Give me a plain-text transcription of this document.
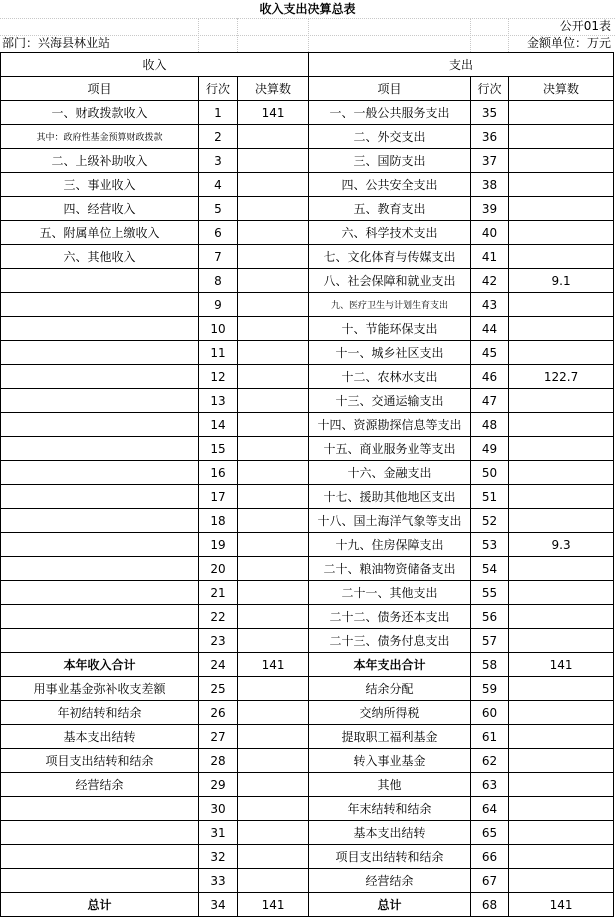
收入支出决算总表
公开01表
部门：兴海县林业站	金额单位：万元
收入			支出		
项目	行次	决算数	项目	行次	决算数
一、财政拨款收入	1	141	一、一般公共服务支出	35	
其中：政府性基金预算财政拨款	2		二、外交支出	36	
二、上级补助收入	3		三、国防支出	37	
三、事业收入	4		四、公共安全支出	38	
四、经营收入	5		五、教育支出	39	
五、附属单位上缴收入	6		六、科学技术支出	40	
六、其他收入	7		七、文化体育与传媒支出	41	
	8		八、社会保障和就业支出	42	9.1
	9		九、医疗卫生与计划生育支出	43	
	10		十、节能环保支出	44	
	11		十一、城乡社区支出	45	
	12		十二、农林水支出	46	122.7
	13		十三、交通运输支出	47	
	14		十四、资源勘探信息等支出	48	
	15		十五、商业服务业等支出	49	
	16		十六、金融支出	50	
	17		十七、援助其他地区支出	51	
	18		十八、国土海洋气象等支出	52	
	19		十九、住房保障支出	53	9.3
	20		二十、粮油物资储备支出	54	
	21		二十一、其他支出	55	
	22		二十二、债务还本支出	56	
	23		二十三、债务付息支出	57	
本年收入合计	24	141	本年支出合计	58	141
用事业基金弥补收支差额	25		结余分配	59	
年初结转和结余	26		交纳所得税	60	
基本支出结转	27		提取职工福利基金	61	
项目支出结转和结余	28		转入事业基金	62	
经营结余	29		其他	63	
	30		年末结转和结余	64	
	31		基本支出结转	65	
	32		项目支出结转和结余	66	
	33		经营结余	67	
总计	34	141	总计	68	141
